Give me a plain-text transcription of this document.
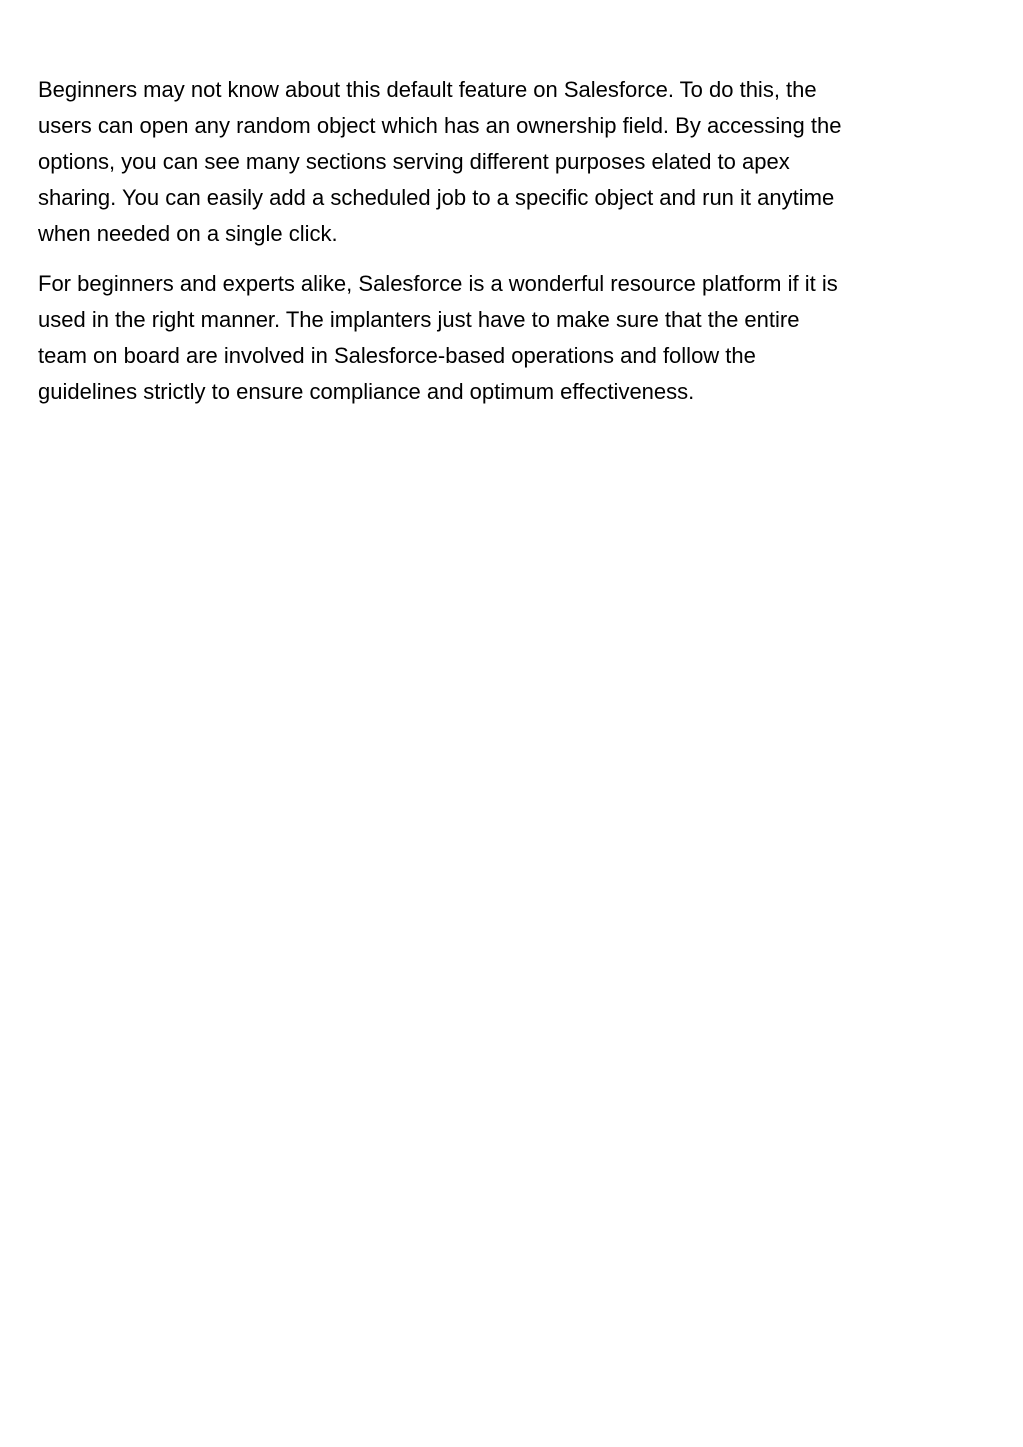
Beginners may not know about this default feature on Salesforce. To do this, the
users can open any random object which has an ownership field. By accessing the
options, you can see many sections serving different purposes elated to apex
sharing. You can easily add a scheduled job to a specific object and run it anytime
when needed on a single click.

For beginners and experts alike, Salesforce is a wonderful resource platform if it is
used in the right manner. The implanters just have to make sure that the entire
team on board are involved in Salesforce-based operations and follow the
guidelines strictly to ensure compliance and optimum effectiveness.
